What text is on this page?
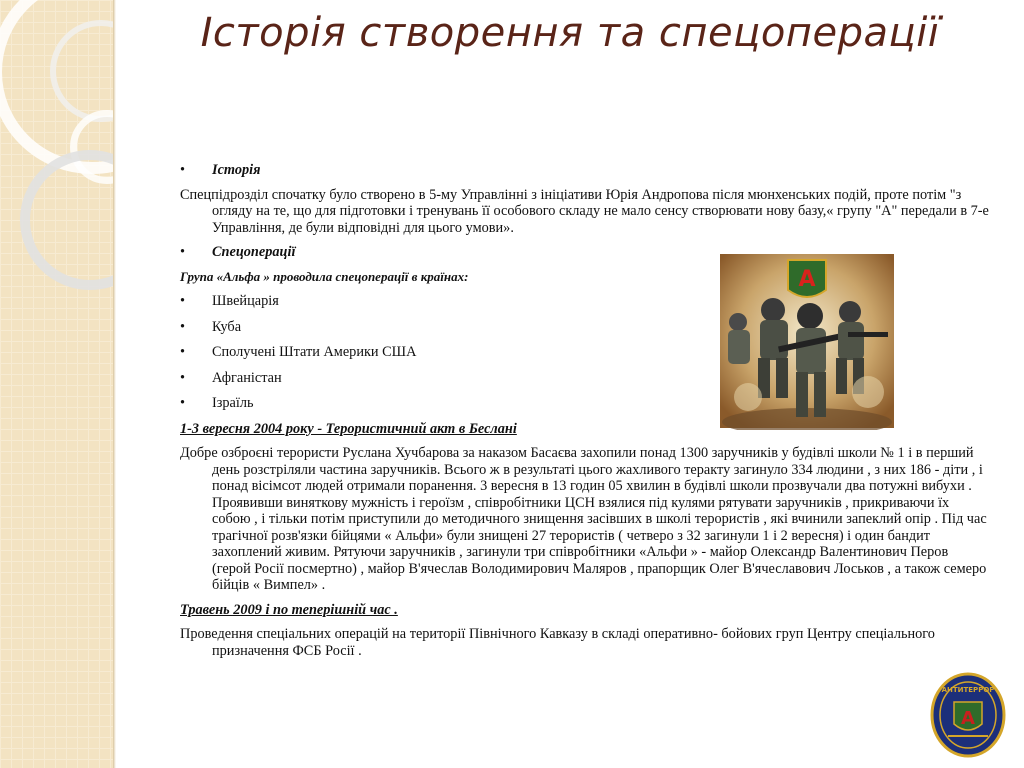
Історія створення та спецоперації
• Історія

Спецпідрозділ спочатку було створено в 5-му Управлінні з ініціативи Юрія Андропова після мюнхенських подій, проте потім "з огляду на те, що для підготовки і тренувань її особового складу не мало сенсу створювати нову базу,« групу "А" передали в 7-е Управління, де були відповідні для цього умови».

• Спецоперації

Група «Альфа » проводила спецоперації в країнах:

• Швейцарія
• Куба
• Сполучені Штати Америки США
• Афганістан
• Ізраїль

1-3 вересня 2004 року - Терористичний акт в Беслані

Добре озброєні терористи Руслана Хучбарова за наказом Басаєва захопили понад 1300 заручників у будівлі школи № 1 і в перший день розстріляли частина заручників. Всього ж в результаті цього жахливого теракту загинуло 334 людини , з них 186 - діти , і понад вісімсот людей отримали поранення. 3 вересня в 13 годин 05 хвилин в будівлі школи прозвучали два потужні вибухи . Проявивши виняткову мужність і героїзм , співробітники ЦСН взялися під кулями рятувати заручників , прикриваючи їх собою , і тільки потім приступили до методичного знищення засівших в школі терористів , які вчинили запеклий опір . Під час трагічної розв'язки бійцями « Альфи» були знищені 27 терористів ( четверо з 32 загинули 1 і 2 вересня) і один бандит захоплений живим. Рятуючи заручників , загинули три співробітники «Альфи » - майор Олександр Валентинович Перов (герой Росії посмертно) , майор В'ячеслав Володимирович Маляров , прапорщик Олег В'ячеславович Лоськов , а також семеро бійців « Вимпел» .

Травень 2009 і по теперішній час .

Проведення спеціальних операцій на території Північного Кавказу в складі оперативно- бойових груп Центру спеціального призначення ФСБ Росії .

А
А
АНТИТЕРРОР
